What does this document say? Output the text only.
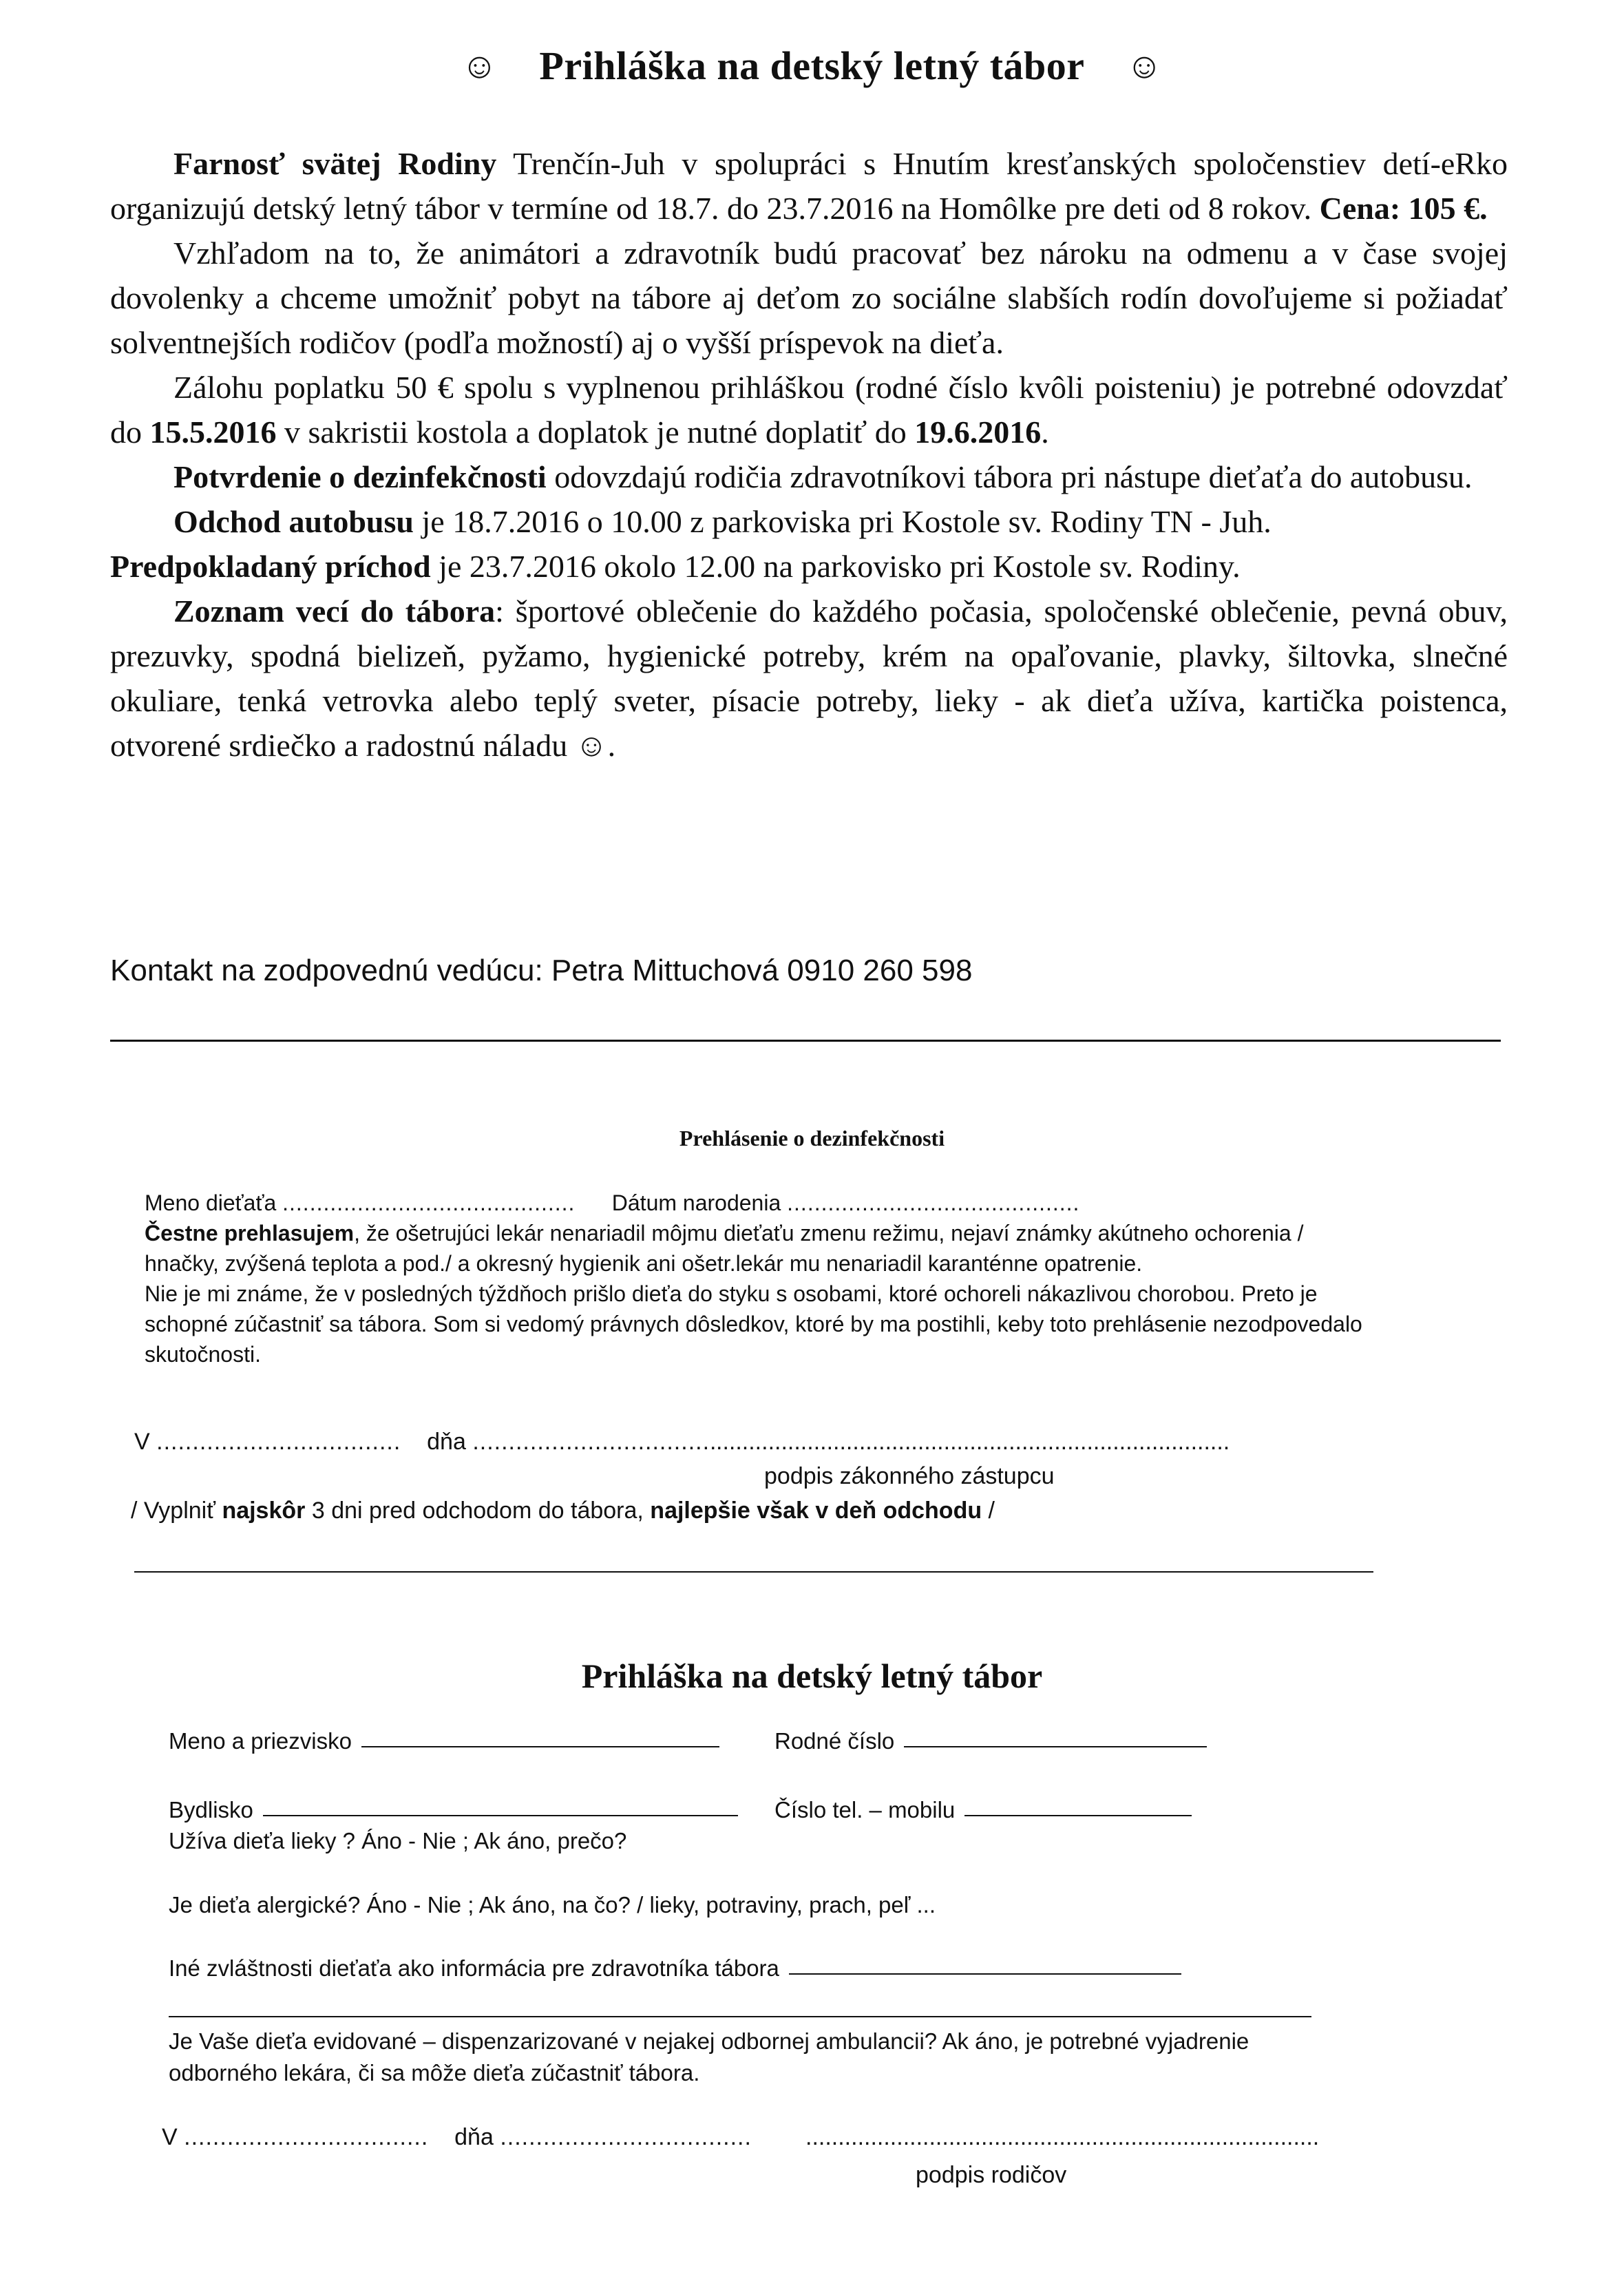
☺ Prihláška na detský letný tábor ☺

Farnosť svätej Rodiny Trenčín-Juh v spolupráci s Hnutím kresťanských spoločenstiev detí-eRko organizujú detský letný tábor v termíne od 18.7. do 23.7.2016 na Homôlke pre deti od 8 rokov. Cena: 105 €.

Vzhľadom na to, že animátori a zdravotník budú pracovať bez nároku na odmenu a v čase svojej dovolenky a chceme umožniť pobyt na tábore aj deťom zo sociálne slabších rodín dovoľujeme si požiadať solventnejších rodičov (podľa možností) aj o vyšší príspevok na dieťa.

Zálohu poplatku 50 € spolu s vyplnenou prihláškou (rodné číslo kvôli poisteniu) je potrebné odovzdať do 15.5.2016 v sakristii kostola a doplatok je nutné doplatiť do 19.6.2016.

Potvrdenie o dezinfekčnosti odovzdajú rodičia zdravotníkovi tábora pri nástupe dieťaťa do autobusu.

Odchod autobusu je 18.7.2016 o 10.00 z parkoviska pri Kostole sv. Rodiny TN - Juh.

Predpokladaný príchod je 23.7.2016 okolo 12.00 na parkovisko pri Kostole sv. Rodiny.

Zoznam vecí do tábora: športové oblečenie do každého počasia, spoločenské oblečenie, pevná obuv, prezuvky, spodná bielizeň, pyžamo, hygienické potreby, krém na opaľovanie, plavky, šiltovka, slnečné okuliare, tenká vetrovka alebo teplý sveter, písacie potreby, lieky - ak dieťa užíva, kartička poistenca, otvorené srdiečko a radostnú náladu ☺.

Kontakt na zodpovednú vedúcu: Petra Mittuchová 0910 260 598
Prehlásenie o dezinfekčnosti
Meno dieťaťa ........................................... Dátum narodenia ...........................................
Čestne prehlasujem, že ošetrujúci lekár nenariadil môjmu dieťaťu zmenu režimu, nejaví známky akútneho ochorenia / hnačky, zvýšená teplota a pod./ a okresný hygienik ani ošetr.lekár mu nenariadil karanténne opatrenie.
Nie je mi známe, že v posledných týždňoch prišlo dieťa do styku s osobami, ktoré ochoreli nákazlivou chorobou. Preto je schopné zúčastniť sa tábora. Som si vedomý právnych dôsledkov, ktoré by ma postihli, keby toto prehlásenie nezodpovedalo skutočnosti.
V .................................. dňa ..................................
...............................................................................
podpis zákonného zástupcu
/ Vyplniť najskôr 3 dni pred odchodom do tábora, najlepšie však v deň odchodu /
Prihláška na detský letný tábor
Meno a priezvisko	Rodné číslo
Bydlisko	Číslo tel. – mobilu
Užíva dieťa lieky ? Áno - Nie ; Ak áno, prečo?
Je dieťa alergické? Áno - Nie ; Ak áno, na čo? / lieky, potraviny, prach, peľ ...
Iné zvláštnosti dieťaťa ako informácia pre zdravotníka tábora
Je Vaše dieťa evidované – dispenzarizované v nejakej odbornej ambulancii? Ak áno, je potrebné vyjadrenie odborného lekára, či sa môže dieťa zúčastniť tábora.
V .................................. dňa ................................... ...............................................................................
podpis rodičov
